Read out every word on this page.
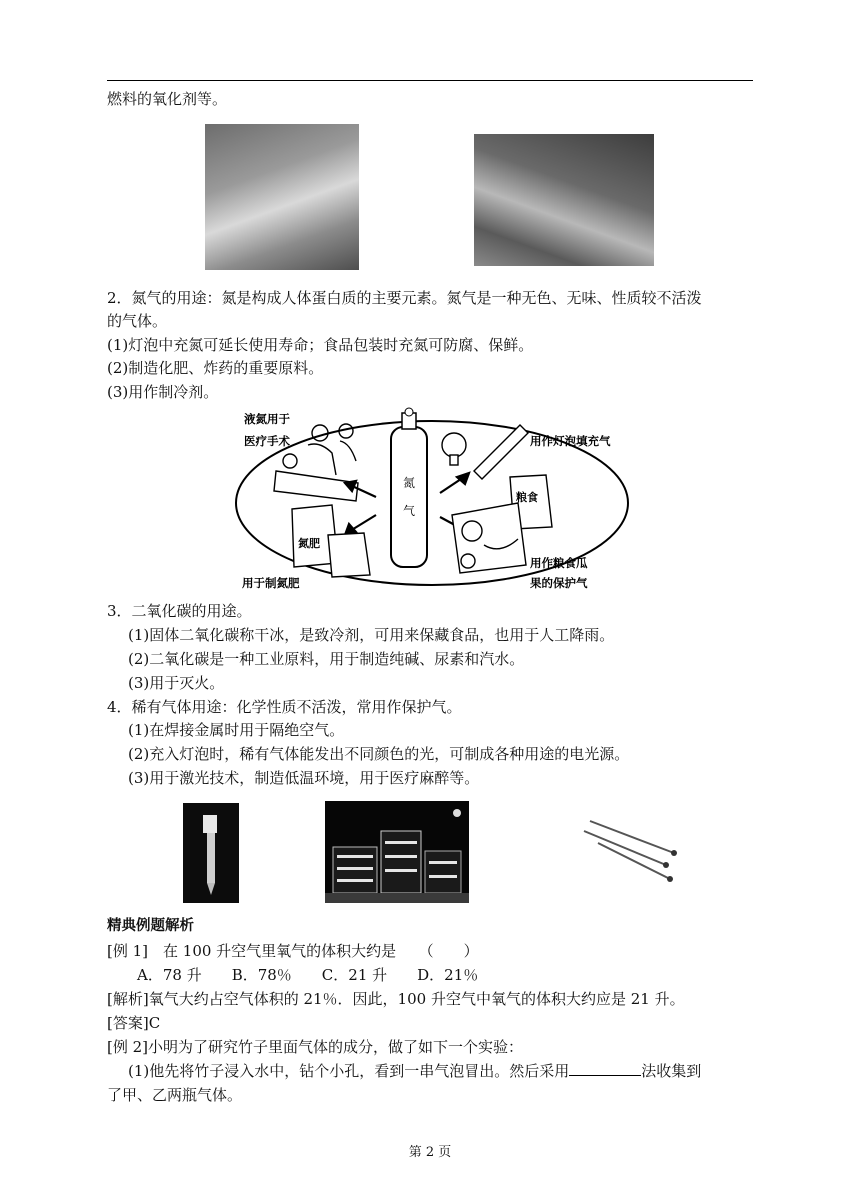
燃料的氧化剂等。
2．氮气的用途：氮是构成人体蛋白质的主要元素。氮气是一种无色、无味、性质较不活泼
的气体。
(1)灯泡中充氮可延长使用寿命；食品包装时充氮可防腐、保鲜。
(2)制造化肥、炸药的重要原料。
(3)用作制冷剂。
氮
气
液氮用于
医疗手术
氮肥
用于制氮肥
用作灯泡填充气
粮食
用作粮食瓜
果的保护气
3．二氧化碳的用途。
(1)固体二氧化碳称干冰，是致冷剂，可用来保藏食品，也用于人工降雨。
(2)二氧化碳是一种工业原料，用于制造纯碱、尿素和汽水。
(3)用于灭火。
4．稀有气体用途：化学性质不活泼，常用作保护气。
(1)在焊接金属时用于隔绝空气。
(2)充入灯泡时，稀有气体能发出不同颜色的光，可制成各种用途的电光源。
(3)用于激光技术，制造低温环境，用于医疗麻醉等。
精典例题解析
[例 1]　在 100 升空气里氧气的体积大约是　　（　　）
A．78 升　　B．78％　　C．21 升　　D．21％
[解析]氧气大约占空气体积的 21％．因此，100 升空气中氧气的体积大约应是 21 升。
[答案]C
[例 2]小明为了研究竹子里面气体的成分，做了如下一个实验：
(1)他先将竹子浸入水中，钻个小孔，看到一串气泡冒出。然后采用	法收集到
了甲、乙两瓶气体。
第 2 页
